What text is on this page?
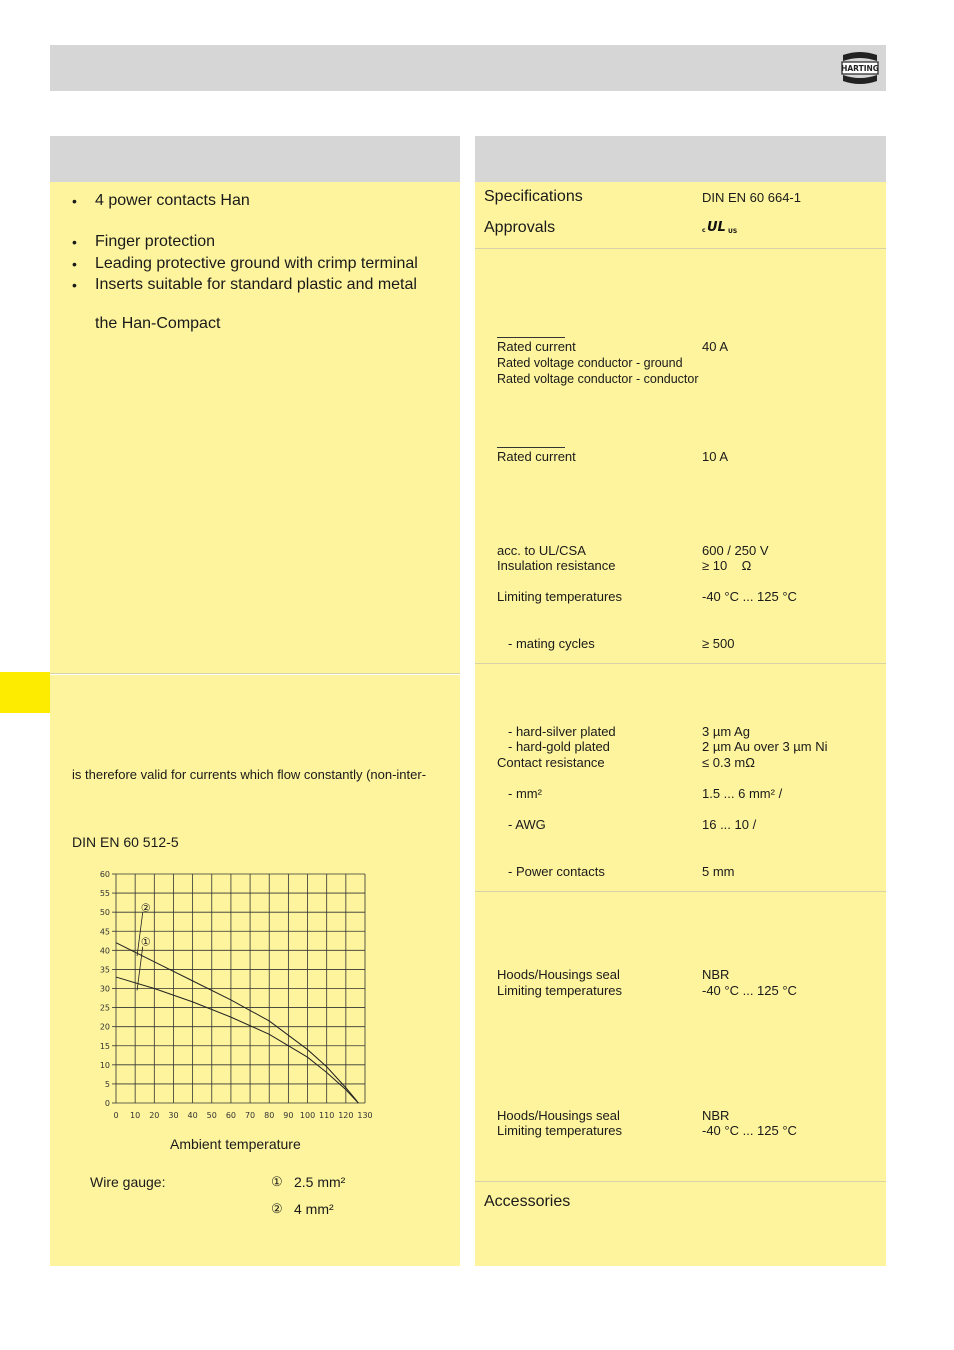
HARTING
• 4 power contacts Han
• Finger protection
• Leading protective ground with crimp terminal
• Inserts suitable for standard plastic and metal
the Han-Compact
is therefore valid for currents which flow constantly (non-inter-
DIN EN 60 512-5
0 10 20 30 40 50 60 70 80 90 100 110 120 130
0
5
10
15
20
25
30
35
40
45
50
55
60
①
②
Ambient temperature
Wire gauge:	① 2.5 mm²
② 4 mm²
Specifications	DIN EN 60 664-1
Approvals	c UL US
Rated current	40 A
Rated voltage conductor - ground
Rated voltage conductor - conductor
Rated current	10 A
acc. to UL/CSA	600 / 250 V
Insulation resistance	≥ 10    Ω
Limiting temperatures	-40 °C ... 125 °C
- mating cycles	≥ 500
- hard-silver plated	3 µm Ag
- hard-gold plated	2 µm Au over 3 µm Ni
Contact resistance	≤ 0.3 mΩ
- mm²	1.5 ... 6 mm² /
- AWG	16 ... 10 /
- Power contacts	5 mm
Hoods/Housings seal	NBR
Limiting temperatures	-40 °C ... 125 °C
Hoods/Housings seal	NBR
Limiting temperatures	-40 °C ... 125 °C
Accessories
